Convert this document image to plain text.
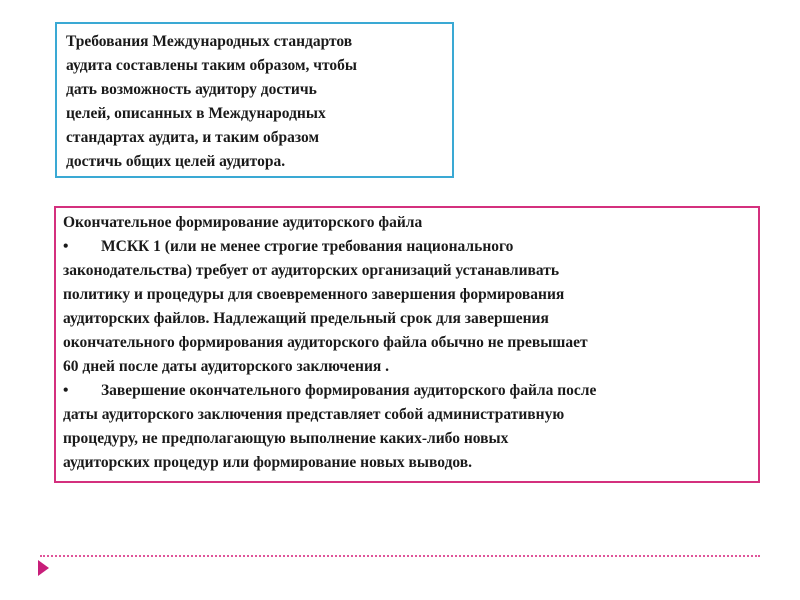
Требования Международных стандартов
аудита составлены таким образом, чтобы
дать возможность аудитору достичь
целей, описанных в Международных
стандартах аудита, и таким образом
достичь общих целей аудитора.
Окончательное формирование аудиторского файла
• МСКК 1 (или не менее строгие требования национального
законодательства) требует от аудиторских организаций устанавливать
политику и процедуры для своевременного завершения формирования
аудиторских файлов. Надлежащий предельный срок для завершения
окончательного формирования аудиторского файла обычно не превышает
60 дней после даты аудиторского заключения .
• Завершение окончательного формирования аудиторского файла после
даты аудиторского заключения представляет собой административную
процедуру, не предполагающую выполнение каких-либо новых
аудиторских процедур или формирование новых выводов.
